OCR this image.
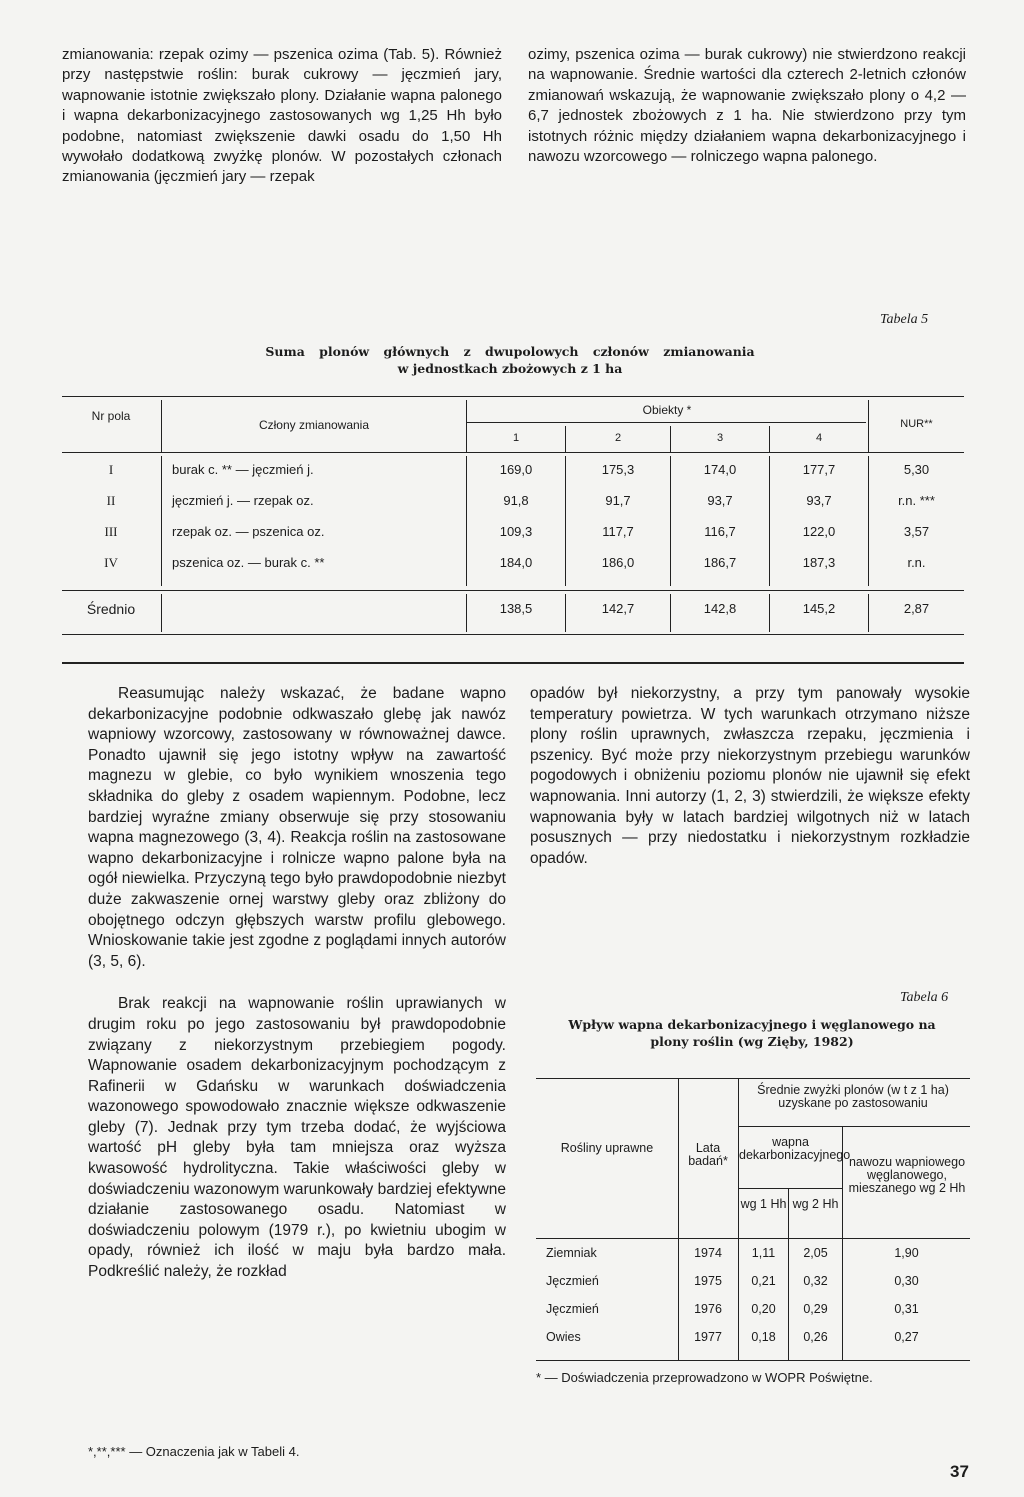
zmianowania: rzepak ozimy — pszenica ozima (Tab. 5). Również przy następstwie roślin: burak cukrowy — jęczmień jary, wapnowanie istotnie zwiększało plony. Działanie wapna palonego i wapna dekarbonizacyjnego zastosowanych wg 1,25 Hh było podobne, natomiast zwiększenie dawki osadu do 1,50 Hh wywołało dodatkową zwyżkę plonów. W pozostałych członach zmianowania (jęczmień jary — rzepak

ozimy, pszenica ozima — burak cukrowy) nie stwierdzono reakcji na wapnowanie. Średnie wartości dla czterech 2-letnich członów zmianowań wskazują, że wapnowanie zwiększało plony o 4,2 — 6,7 jednostek zbożowych z 1 ha. Nie stwierdzono przy tym istotnych różnic między działaniem wapna dekarbonizacyjnego i nawozu wzorcowego — rolniczego wapna palonego.

Tabela 5
Suma plonów głównych z dwupolowych członów zmianowania
w jednostkach zbożowych z 1 ha
Nr pola
Człony zmianowania
Obiekty *
1	2	3	4
NUR**
I	burak c. ** — jęczmień j.	169,0	175,3	174,0	177,7	5,30
II	jęczmień j. — rzepak oz.	91,8	91,7	93,7	93,7	r.n. ***
III	rzepak oz. — pszenica oz.	109,3	117,7	116,7	122,0	3,57
IV	pszenica oz. — burak c. **	184,0	186,0	186,7	187,3	r.n.
Średnio	138,5	142,7	142,8	145,2	2,87

Reasumując należy wskazać, że badane wapno dekarbonizacyjne podobnie odkwaszało glebę jak nawóz wapniowy wzorcowy, zastosowany w równoważnej dawce. Ponadto ujawnił się jego istotny wpływ na zawartość magnezu w glebie, co było wynikiem wnoszenia tego składnika do gleby z osadem wapiennym. Podobne, lecz bardziej wyraźne zmiany obserwuje się przy stosowaniu wapna magnezowego (3, 4). Reakcja roślin na zastosowane wapno dekarbonizacyjne i rolnicze wapno palone była na ogół niewielka. Przyczyną tego było prawdopodobnie niezbyt duże zakwaszenie ornej warstwy gleby oraz zbliżony do obojętnego odczyn głębszych warstw profilu glebowego. Wnioskowanie takie jest zgodne z poglądami innych autorów (3, 5, 6).

Brak reakcji na wapnowanie roślin uprawianych w drugim roku po jego zastosowaniu był prawdopodobnie związany z niekorzystnym przebiegiem pogody. Wapnowanie osadem dekarbonizacyjnym pochodzącym z Rafinerii w Gdańsku w warunkach doświadczenia wazonowego spowodowało znacznie większe odkwaszenie gleby (7). Jednak przy tym trzeba dodać, że wyjściowa wartość pH gleby była tam mniejsza oraz wyższa kwasowość hydrolityczna. Takie właściwości gleby w doświadczeniu wazonowym warunkowały bardziej efektywne działanie zastosowanego osadu. Natomiast w doświadczeniu polowym (1979 r.), po kwietniu ubogim w opady, również ich ilość w maju była bardzo mała. Podkreślić należy, że rozkład

opadów był niekorzystny, a przy tym panowały wysokie temperatury powietrza. W tych warunkach otrzymano niższe plony roślin uprawnych, zwłaszcza rzepaku, jęczmienia i pszenicy. Być może przy niekorzystnym przebiegu warunków pogodowych i obniżeniu poziomu plonów nie ujawnił się efekt wapnowania. Inni autorzy (1, 2, 3) stwierdzili, że większe efekty wapnowania były w latach bardziej wilgotnych niż w latach posusznych — przy niedostatku i niekorzystnym rozkładzie opadów.

Tabela 6
Wpływ wapna dekarbonizacyjnego i węglanowego na
plony roślin (wg Zięby, 1982)
Rośliny uprawne	Lata badań*
Średnie zwyżki plonów (w t z 1 ha) uzyskane po zastosowaniu
wapna dekarbonizacyjnego
wg 1 Hh wg 2 Hh
nawozu wapniowego węglanowego, mieszanego wg 2 Hh
Ziemniak	1974	1,11	2,05	1,90
Jęczmień	1975	0,21	0,32	0,30
Jęczmień	1976	0,20	0,29	0,31
Owies	1977	0,18	0,26	0,27
* — Doświadczenia przeprowadzono w WOPR Poświętne.
*,**,*** — Oznaczenia jak w Tabeli 4.
37
